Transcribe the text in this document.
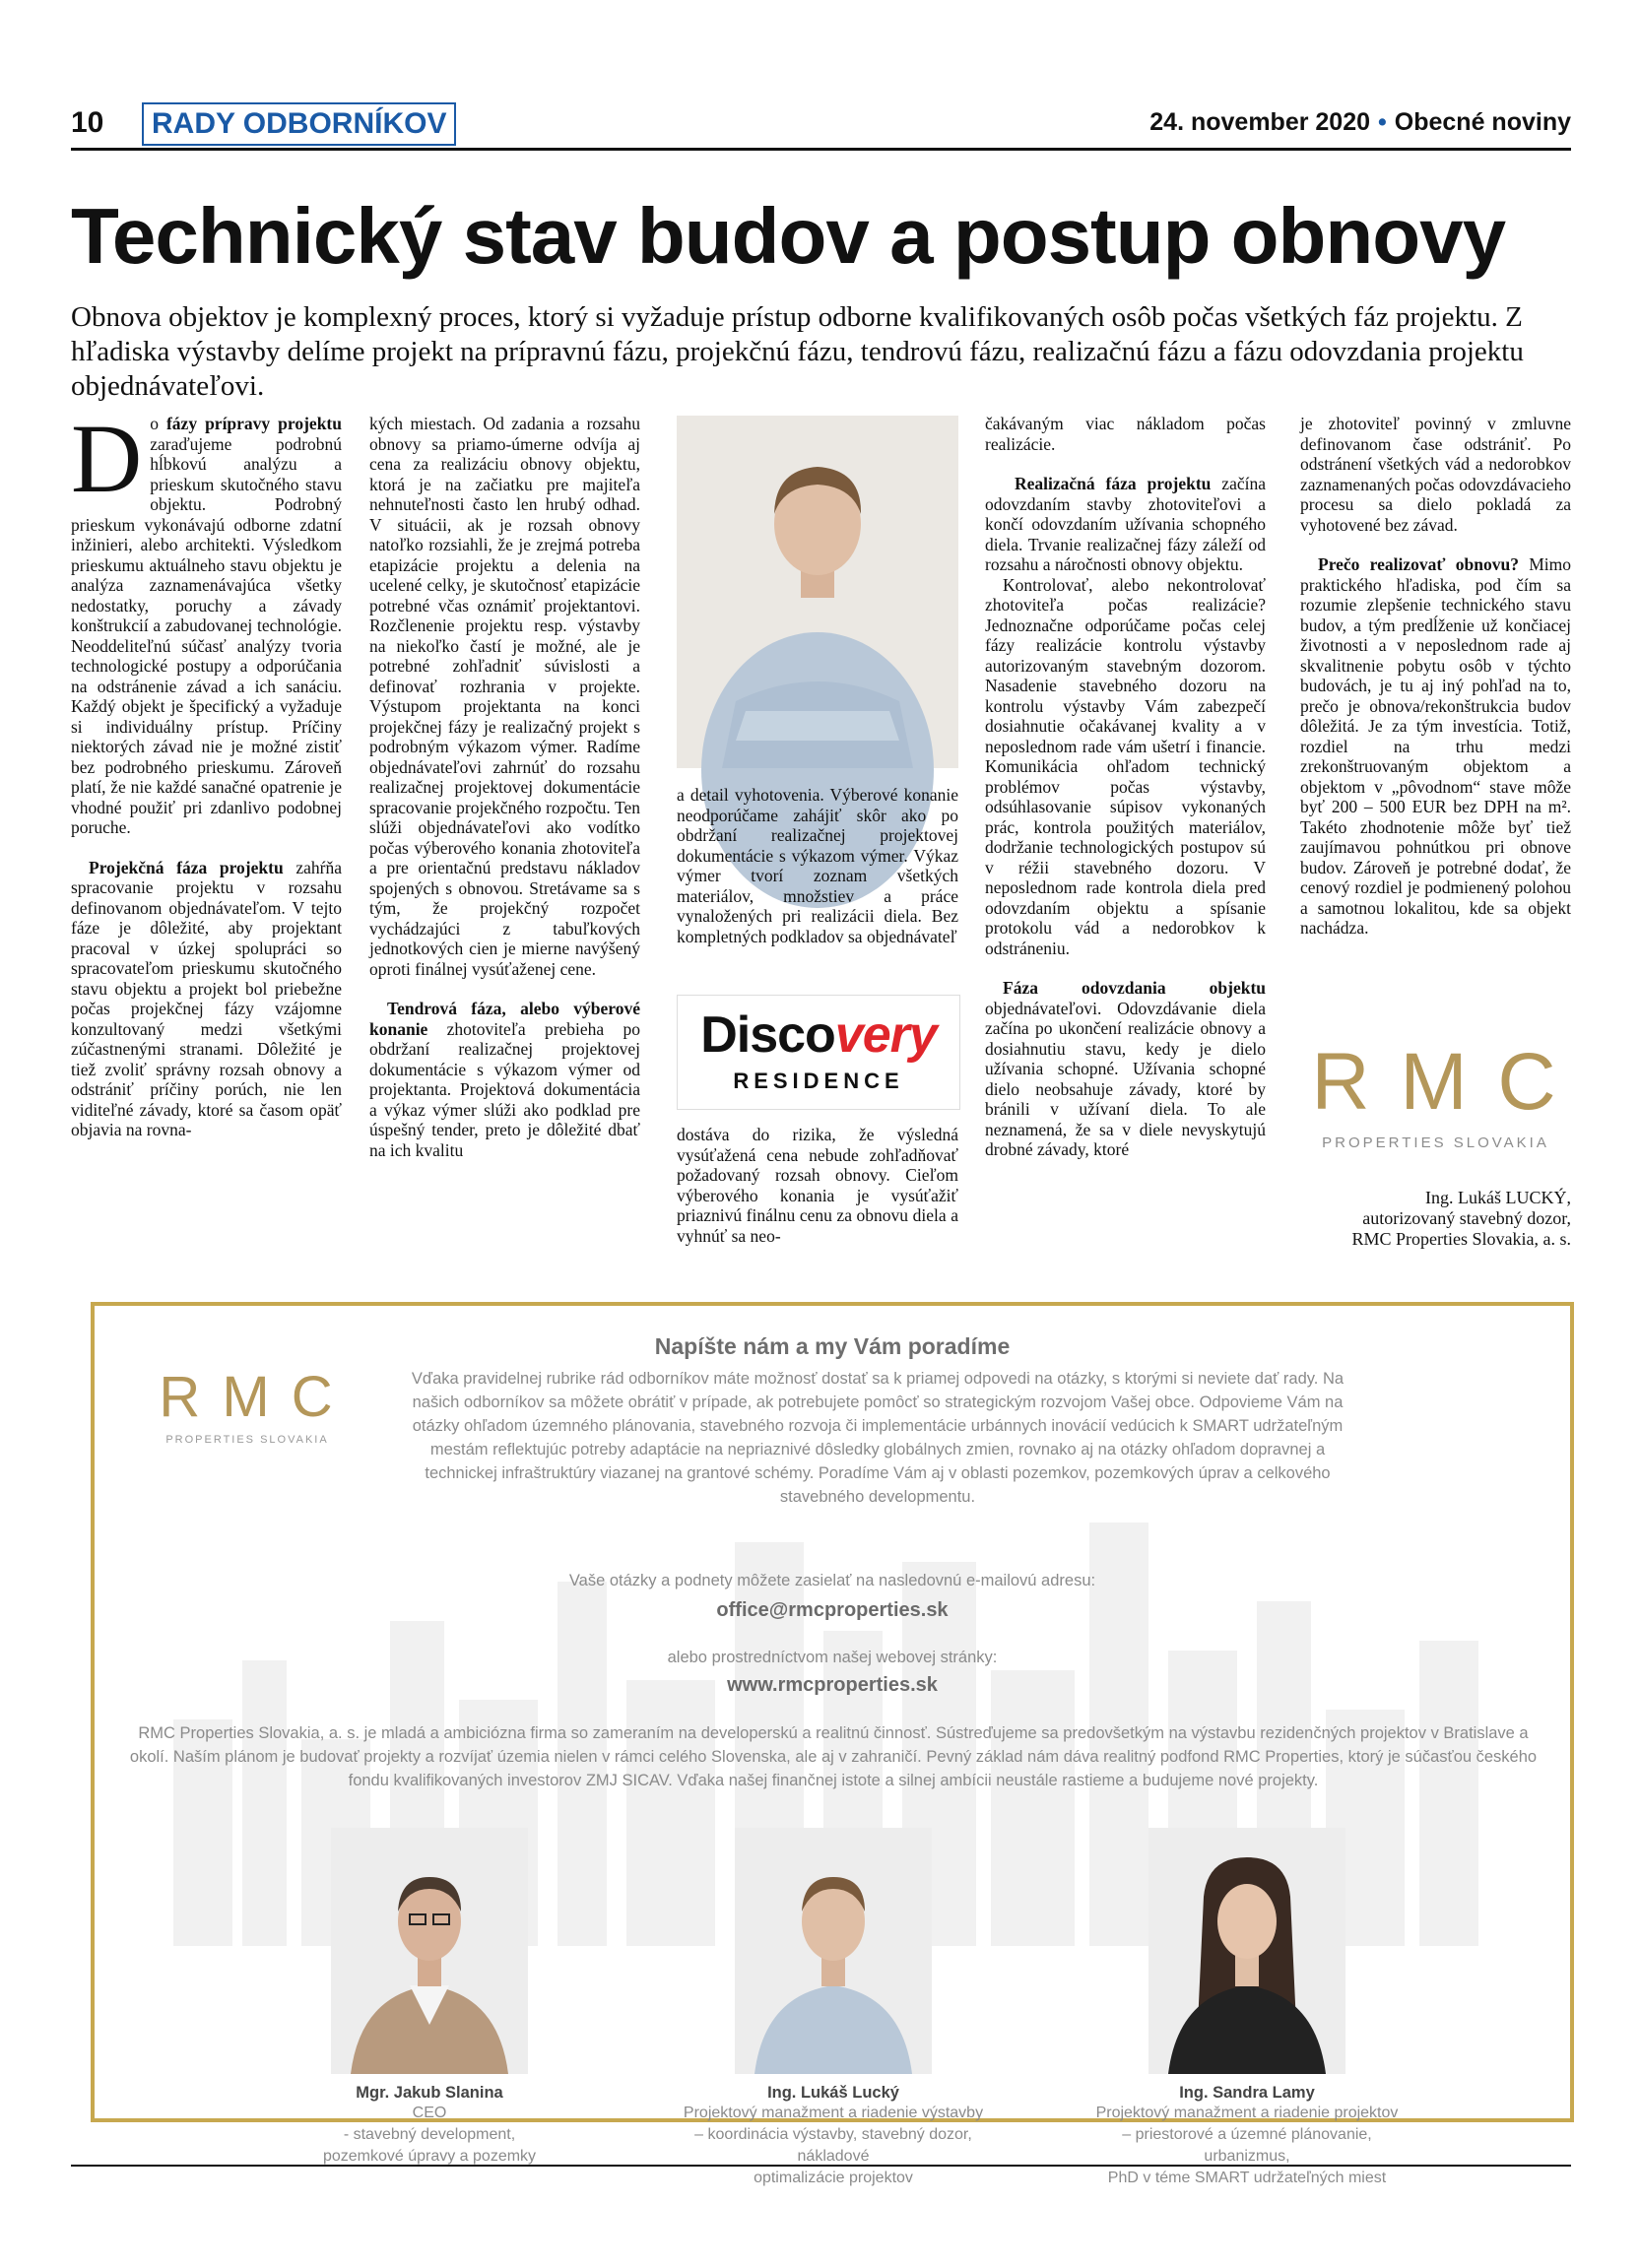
10	RADY ODBORNÍKOV	24. november 2020 • Obecné noviny
Technický stav budov a postup obnovy
Obnova objektov je komplexný proces, ktorý si vyžaduje prístup odborne kvalifikovaných osôb počas všetkých fáz projektu. Z hľadiska výstavby delíme projekt na prípravnú fázu, projekčnú fázu, tendrovú fázu, realizačnú fázu a fázu odovzdania projektu objednávateľovi.

Do fázy prípravy projektu zaraďujeme podrobnú hĺbkovú analýzu a prieskum skutočného stavu objektu. Podrobný prieskum vykonávajú odborne zdatní inžinieri, alebo architekti. Výsledkom prieskumu aktuálneho stavu objektu je analýza zaznamenávajúca všetky nedostatky, poruchy a závady konštrukcií a zabudovanej technológie. Neoddeliteľnú súčasť analýzy tvoria technologické postupy a odporúčania na odstránenie závad a ich sanáciu. Každý objekt je špecifický a vyžaduje si individuálny prístup. Príčiny niektorých závad nie je možné zistiť bez podrobného prieskumu. Zároveň platí, že nie každé sanačné opatrenie je vhodné použiť pri zdanlivo podobnej poruche.

Projekčná fáza projektu zahŕňa spracovanie projektu v rozsahu definovanom objednávateľom. V tejto fáze je dôležité, aby projektant pracoval v úzkej spolupráci so spracovateľom prieskumu skutočného stavu objektu a projekt bol priebežne počas projekčnej fázy vzájomne konzultovaný medzi všetkými zúčastnenými stranami. Dôležité je tiež zvoliť správny rozsah obnovy a odstrániť príčiny porúch, nie len viditeľné závady, ktoré sa časom opäť objavia na rovna-

kých miestach. Od zadania a rozsahu obnovy sa priamo-úmerne odvíja aj cena za realizáciu obnovy objektu, ktorá je na začiatku pre majiteľa nehnuteľnosti často len hrubý odhad. V situácii, ak je rozsah obnovy natoľko rozsiahli, že je zrejmá potreba etapizácie projektu a delenia na ucelené celky, je skutočnosť etapizácie potrebné včas oznámiť projektantovi. Rozčlenenie projektu resp. výstavby na niekoľko častí je možné, ale je potrebné zohľadniť súvislosti a definovať rozhrania v projekte. Výstupom projektanta na konci projekčnej fázy je realizačný projekt s podrobným výkazom výmer. Radíme objednávateľovi zahrnúť do rozsahu realizačnej projektovej dokumentácie spracovanie projekčného rozpočtu. Ten slúži objednávateľovi ako vodítko počas výberového konania zhotoviteľa a pre orientačnú predstavu nákladov spojených s obnovou. Stretávame sa s tým, že projekčný rozpočet vychádzajúci z tabuľkových jednotkových cien je mierne navýšený oproti finálnej vysúťaženej cene.

Tendrová fáza, alebo výberové konanie zhotoviteľa prebieha po obdržaní realizačnej projektovej dokumentácie s výkazom výmer od projektanta. Projektová dokumentácia a výkaz výmer slúži ako podklad pre úspešný tender, preto je dôležité dbať na ich kvalitu

a detail vyhotovenia. Výberové konanie neodporúčame zahájiť skôr ako po obdržaní realizačnej projektovej dokumentácie s výkazom výmer. Výkaz výmer tvorí zoznam všetkých materiálov, množstiev a práce vynaložených pri realizácii diela. Bez kompletných podkladov sa objednávateľ

Discovery
RESIDENCE

dostáva do rizika, že výsledná vysúťažená cena nebude zohľadňovať požadovaný rozsah obnovy. Cieľom výberového konania je vysúťažiť priaznivú finálnu cenu za obnovu diela a vyhnúť sa neo-

čakávaným viac nákladom počas realizácie.

Realizačná fáza projektu začína odovzdaním stavby zhotoviteľovi a končí odovzdaním užívania schopného diela. Trvanie realizačnej fázy záleží od rozsahu a náročnosti obnovy objektu.

Kontrolovať, alebo nekontrolovať zhotoviteľa počas realizácie? Jednoznačne odporúčame počas celej fázy realizácie kontrolu výstavby autorizovaným stavebným dozorom. Nasadenie stavebného dozoru na kontrolu výstavby Vám zabezpečí dosiahnutie očakávanej kvality a v neposlednom rade vám ušetrí i financie. Komunikácia ohľadom technický problémov počas výstavby, odsúhlasovanie súpisov vykonaných prác, kontrola použitých materiálov, dodržanie technologických postupov sú v réžii stavebného dozoru. V neposlednom rade kontrola diela pred odovzdaním objektu a spísanie protokolu vád a nedorobkov k odstráneniu.

Fáza odovzdania objektu objednávateľovi. Odovzdávanie diela začína po ukončení realizácie obnovy a dosiahnutiu stavu, kedy je dielo užívania schopné. Užívania schopné dielo neobsahuje závady, ktoré by bránili v užívaní diela. To ale neznamená, že sa v diele nevyskytujú drobné závady, ktoré

je zhotoviteľ povinný v zmluvne definovanom čase odstrániť. Po odstránení všetkých vád a nedorobkov zaznamenaných počas odovzdávacieho procesu sa dielo pokladá za vyhotovené bez závad.

Prečo realizovať obnovu? Mimo praktického hľadiska, pod čím sa rozumie zlepšenie technického stavu budov, a tým predĺženie už končiacej životnosti a v neposlednom rade aj skvalitnenie pobytu osôb v týchto budovách, je tu aj iný pohľad na to, prečo je obnova/rekonštrukcia budov dôležitá. Je za tým investícia. Totiž, rozdiel na trhu medzi zrekonštruovaným objektom a objektom v „pôvodnom“ stave môže byť 200 – 500 EUR bez DPH na m². Takéto zhodnotenie môže byť tiež zaujímavou pohnútkou pri obnove budov. Zároveň je potrebné dodať, že cenový rozdiel je podmienený polohou a samotnou lokalitou, kde sa objekt nachádza.

R M C
PROPERTIES SLOVAKIA
Ing. Lukáš LUCKÝ,
autorizovaný stavebný dozor,
RMC Properties Slovakia, a. s.
R M C
PROPERTIES SLOVAKIA
Napíšte nám a my Vám poradíme
Vďaka pravidelnej rubrike rád odborníkov máte možnosť dostať sa k priamej odpovedi na otázky, s ktorými si neviete dať rady. Na našich odborníkov sa môžete obrátiť v prípade, ak potrebujete pomôcť so strategickým rozvojom Vašej obce. Odpovieme Vám na otázky ohľadom územného plánovania, stavebného rozvoja či implementácie urbánnych inovácií vedúcich k SMART udržateľným mestám reflektujúc potreby adaptácie na nepriaznivé dôsledky globálnych zmien, rovnako aj na otázky ohľadom dopravnej a technickej infraštruktúry viazanej na grantové schémy. Poradíme Vám aj v oblasti pozemkov, pozemkových úprav a celkového stavebného developmentu.
Vaše otázky a podnety môžete zasielať na nasledovnú e-mailovú adresu:
office@rmcproperties.sk
alebo prostredníctvom našej webovej stránky:
www.rmcproperties.sk
RMC Properties Slovakia, a. s. je mladá a ambiciózna firma so zameraním na developerskú a realitnú činnosť. Sústreďujeme sa predovšetkým na výstavbu rezidenčných projektov v Bratislave a okolí. Naším plánom je budovať projekty a rozvíjať územia nielen v rámci celého Slovenska, ale aj v zahraničí. Pevný základ nám dáva realitný podfond RMC Properties, ktorý je súčasťou českého fondu kvalifikovaných investorov ZMJ SICAV. Vďaka našej finančnej istote a silnej ambícii neustále rastieme a budujeme nové projekty.
Mgr. Jakub Slanina
CEO
- stavebný development,
pozemkové úpravy a pozemky
Ing. Lukáš Lucký
Projektový manažment a riadenie výstavby
– koordinácia výstavby, stavebný dozor, nákladové
optimalizácie projektov
Ing. Sandra Lamy
Projektový manažment a riadenie projektov
– priestorové a územné plánovanie, urbanizmus,
PhD v téme SMART udržateľných miest
